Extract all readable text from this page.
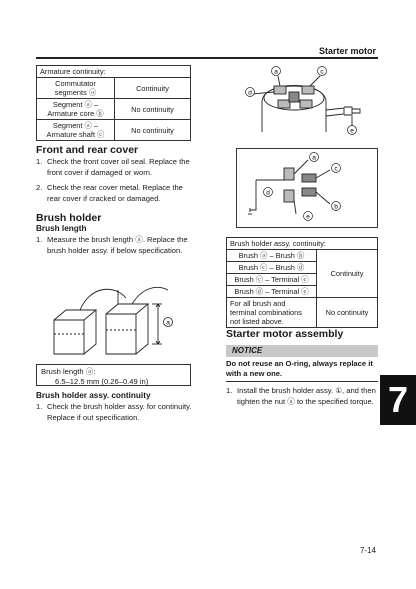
Starter motor
Armature continuity:	
Commutator segments ⓐ	Continuity
Segment ⓐ – Armature core ⓑ	No continuity
Segment ⓐ – Armature shaft ⓒ	No continuity
Front and rear cover
1. Check the front cover oil seal. Replace the front cover if damaged or worn.
2. Check the rear cover metal. Replace the rear cover if cracked or damaged.
Brush holder
Brush length
1. Measure the brush length ⓐ. Replace the brush holder assy. if below specification.
a
Brush length ⓐ:
6.5–12.5 mm (0.26–0.49 in)
Brush holder assy. continuity
1. Check the brush holder assy. for continuity. Replace if out specification.
a	c
d
e
a
c
d
b
e
Brush holder assy. continuity:	
Brush ⓐ – Brush ⓑ	Continuity
Brush ⓒ – Brush ⓓ	
Brush ⓒ – Terminal ⓔ	
Brush ⓓ – Terminal ⓔ	
For all brush and terminal combinations not listed above.	No continuity
Starter motor assembly
NOTICE
Do not reuse an O-ring, always replace it with a new one.
1. Install the brush holder assy. ①, and then tighten the nut ⓐ to the specified torque. 7
7-14
